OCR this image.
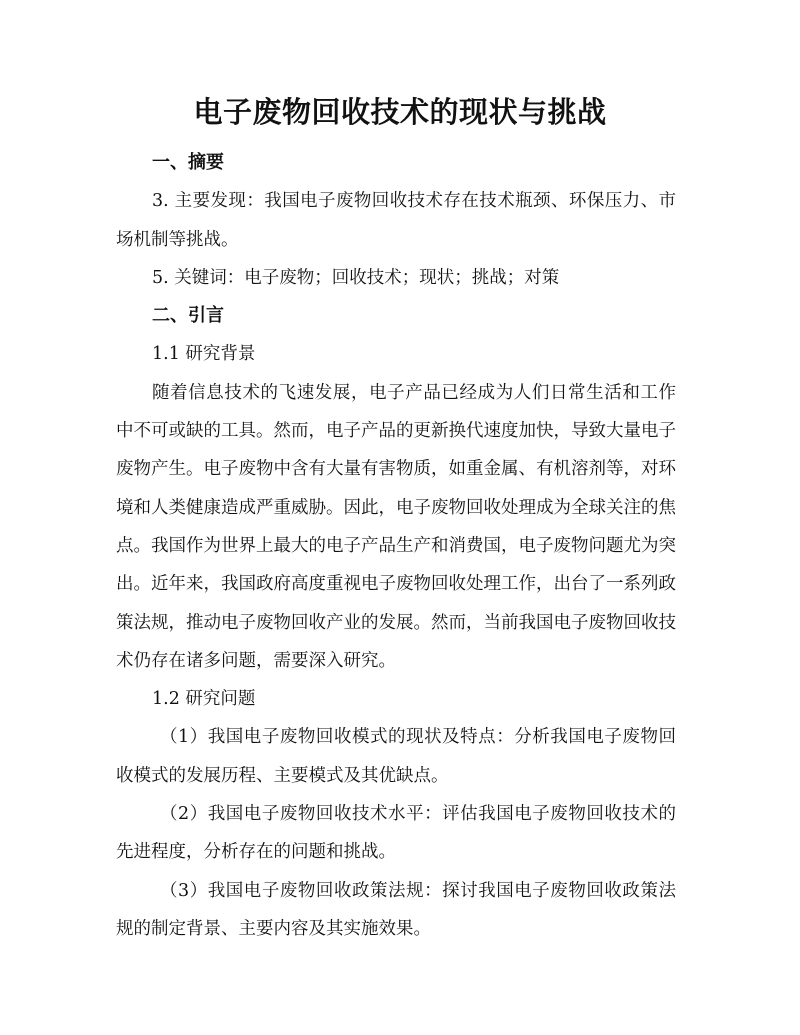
电子废物回收技术的现状与挑战
一、摘要

3. 主要发现：我国电子废物回收技术存在技术瓶颈、环保压力、市场机制等挑战。

5. 关键词：电子废物；回收技术；现状；挑战；对策

二、引言

1.1 研究背景

随着信息技术的飞速发展，电子产品已经成为人们日常生活和工作中不可或缺的工具。然而，电子产品的更新换代速度加快，导致大量电子废物产生。电子废物中含有大量有害物质，如重金属、有机溶剂等，对环境和人类健康造成严重威胁。因此，电子废物回收处理成为全球关注的焦点。我国作为世界上最大的电子产品生产和消费国，电子废物问题尤为突出。近年来，我国政府高度重视电子废物回收处理工作，出台了一系列政策法规，推动电子废物回收产业的发展。然而，当前我国电子废物回收技术仍存在诸多问题，需要深入研究。

1.2 研究问题

（1）我国电子废物回收模式的现状及特点：分析我国电子废物回收模式的发展历程、主要模式及其优缺点。

（2）我国电子废物回收技术水平：评估我国电子废物回收技术的先进程度，分析存在的问题和挑战。

（3）我国电子废物回收政策法规：探讨我国电子废物回收政策法规的制定背景、主要内容及其实施效果。
